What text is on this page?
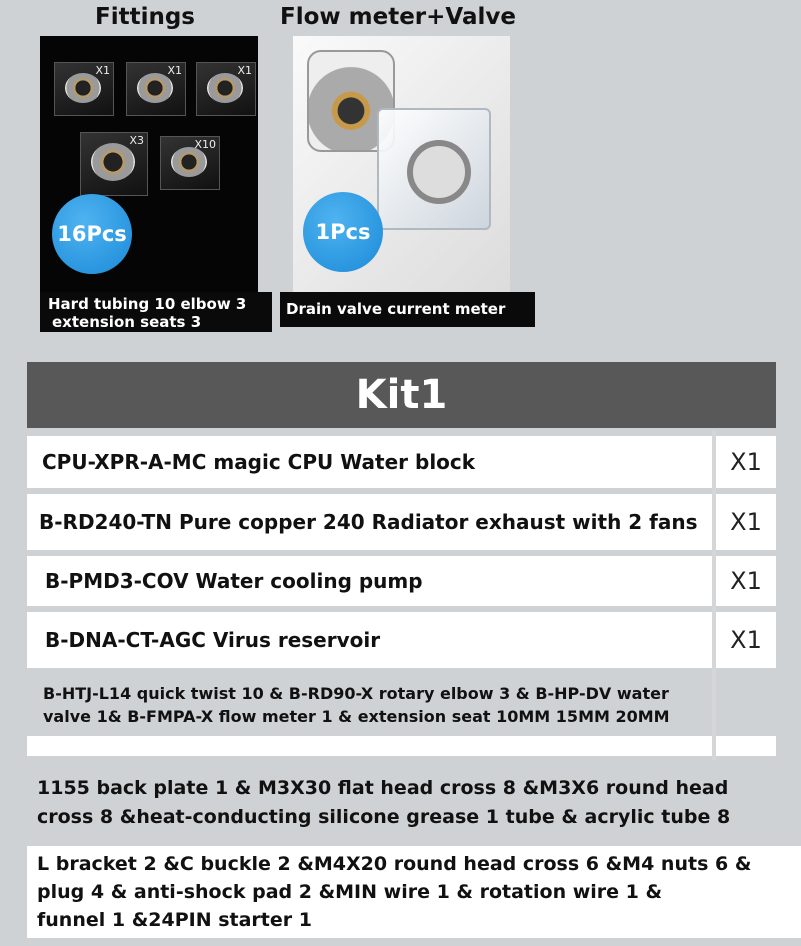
Fittings
X1	X1	X1
X3	X10
16Pcs
Hard tubing 10 elbow 3
extension seats 3
Flow meter+Valve
1Pcs
Drain valve current meter
Kit1
CPU-XPR-A-MC magic CPU Water block	X1
B-RD240-TN Pure copper 240 Radiator exhaust with 2 fans	X1
B-PMD3-COV Water cooling pump	X1
B-DNA-CT-AGC Virus reservoir	X1
B-HTJ-L14 quick twist 10 & B-RD90-X rotary elbow 3 & B-HP-DV water
valve 1& B-FMPA-X flow meter 1 & extension seat 10MM 15MM 20MM
1155 back plate 1 & M3X30 flat head cross 8 &M3X6 round head
cross 8 &heat-conducting silicone grease 1 tube & acrylic tube 8
L bracket 2 &C buckle 2 &M4X20 round head cross 6 &M4 nuts 6 &
plug 4 & anti-shock pad 2 &MIN wire 1 & rotation wire 1 &
funnel 1 &24PIN starter 1
